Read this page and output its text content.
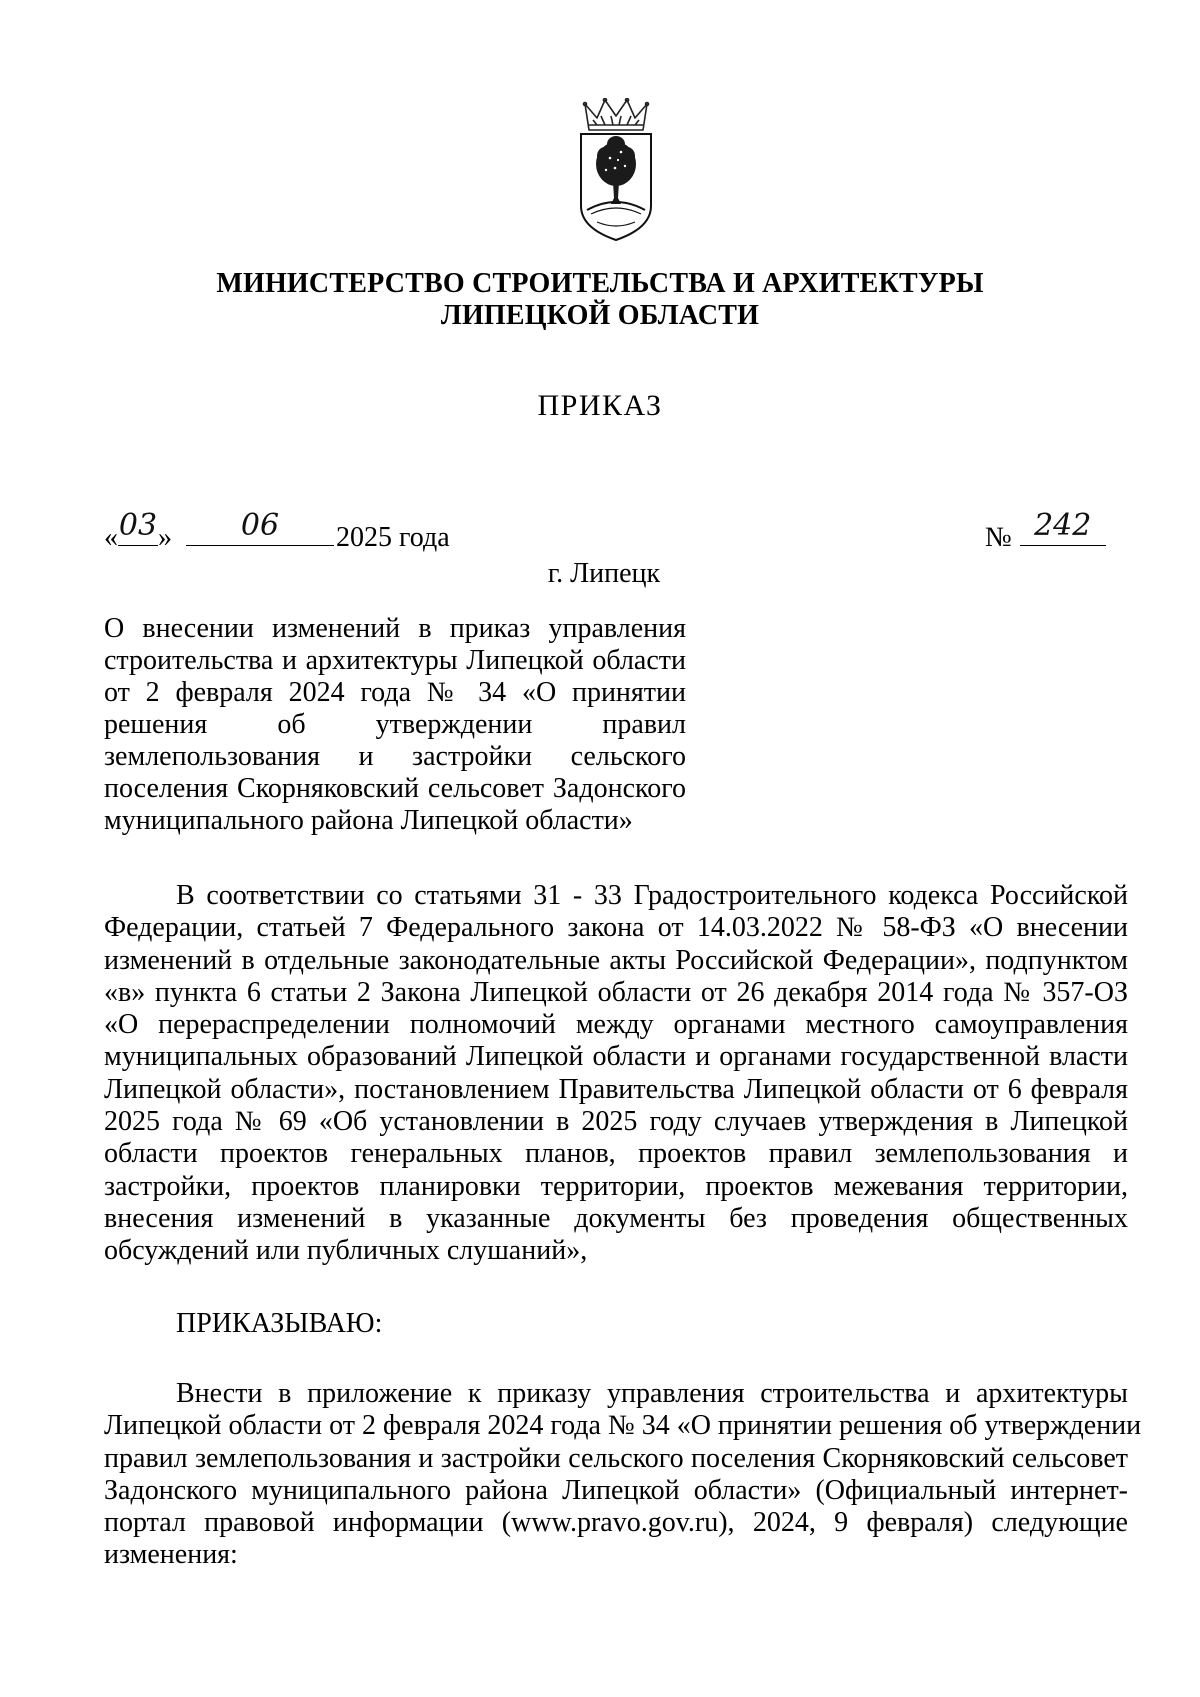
МИНИСТЕРСТВО СТРОИТЕЛЬСТВА И АРХИТЕКТУРЫ
ЛИПЕЦКОЙ ОБЛАСТИ
ПРИКАЗ
« 03 »	06	2025 года	№ 242
г. Липецк
О внесении изменений в приказ управления
строительства и архитектуры Липецкой области
от 2 февраля 2024 года № 34 «О принятии
решения об утверждении правил
землепользования и застройки сельского
поселения Скорняковский сельсовет Задонского
муниципального района Липецкой области»
В соответствии со статьями 31 - 33 Градостроительного кодекса Российской
Федерации, статьей 7 Федерального закона от 14.03.2022 № 58-ФЗ «О внесении
изменений в отдельные законодательные акты Российской Федерации», подпунктом
«в» пункта 6 статьи 2 Закона Липецкой области от 26 декабря 2014 года № 357-ОЗ
«О перераспределении полномочий между органами местного самоуправления
муниципальных образований Липецкой области и органами государственной власти
Липецкой области», постановлением Правительства Липецкой области от 6 февраля
2025 года № 69 «Об установлении в 2025 году случаев утверждения в Липецкой
области проектов генеральных планов, проектов правил землепользования и
застройки, проектов планировки территории, проектов межевания территории,
внесения изменений в указанные документы без проведения общественных
обсуждений или публичных слушаний»,
ПРИКАЗЫВАЮ:
Внести в приложение к приказу управления строительства и архитектуры
Липецкой области от 2 февраля 2024 года № 34 «О принятии решения об утверждении
правил землепользования и застройки сельского поселения Скорняковский сельсовет
Задонского муниципального района Липецкой области» (Официальный интернет-
портал правовой информации (www.pravo.gov.ru), 2024, 9 февраля) следующие
изменения:
